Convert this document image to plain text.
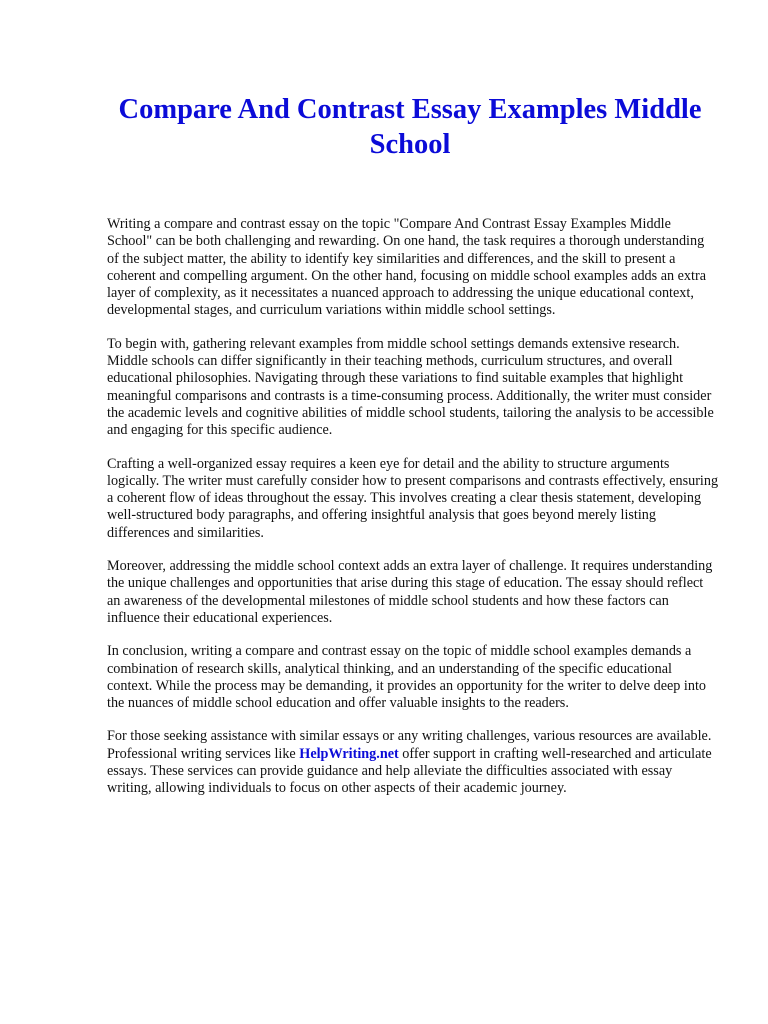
Compare And Contrast Essay Examples Middle School

Writing a compare and contrast essay on the topic "Compare And Contrast Essay Examples Middle School" can be both challenging and rewarding. On one hand, the task requires a thorough understanding of the subject matter, the ability to identify key similarities and differences, and the skill to present a coherent and compelling argument. On the other hand, focusing on middle school examples adds an extra layer of complexity, as it necessitates a nuanced approach to addressing the unique educational context, developmental stages, and curriculum variations within middle school settings.

To begin with, gathering relevant examples from middle school settings demands extensive research. Middle schools can differ significantly in their teaching methods, curriculum structures, and overall educational philosophies. Navigating through these variations to find suitable examples that highlight meaningful comparisons and contrasts is a time-consuming process. Additionally, the writer must consider the academic levels and cognitive abilities of middle school students, tailoring the analysis to be accessible and engaging for this specific audience.

Crafting a well-organized essay requires a keen eye for detail and the ability to structure arguments logically. The writer must carefully consider how to present comparisons and contrasts effectively, ensuring a coherent flow of ideas throughout the essay. This involves creating a clear thesis statement, developing well-structured body paragraphs, and offering insightful analysis that goes beyond merely listing differences and similarities.

Moreover, addressing the middle school context adds an extra layer of challenge. It requires understanding the unique challenges and opportunities that arise during this stage of education. The essay should reflect an awareness of the developmental milestones of middle school students and how these factors can influence their educational experiences.

In conclusion, writing a compare and contrast essay on the topic of middle school examples demands a combination of research skills, analytical thinking, and an understanding of the specific educational context. While the process may be demanding, it provides an opportunity for the writer to delve deep into the nuances of middle school education and offer valuable insights to the readers.

For those seeking assistance with similar essays or any writing challenges, various resources are available. Professional writing services like HelpWriting.net offer support in crafting well-researched and articulate essays. These services can provide guidance and help alleviate the difficulties associated with essay writing, allowing individuals to focus on other aspects of their academic journey.
